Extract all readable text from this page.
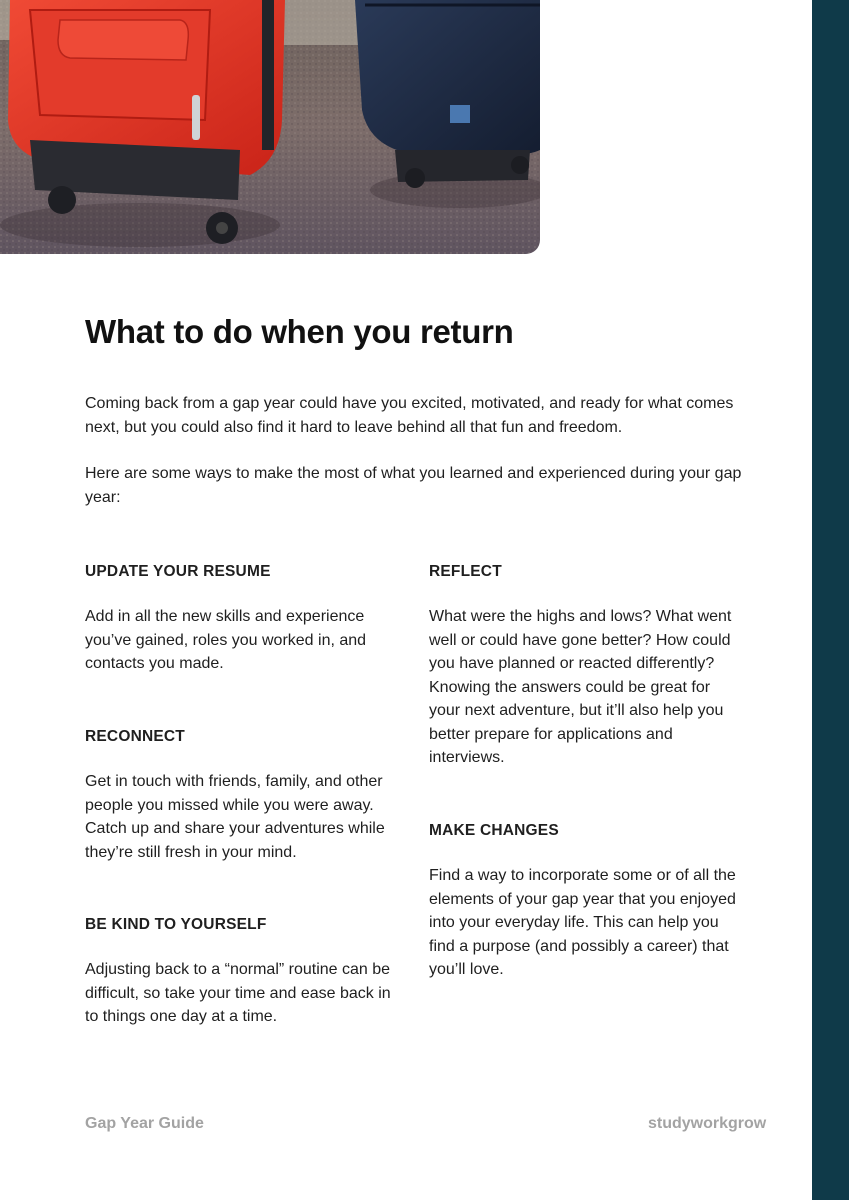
What to do when you return

Coming back from a gap year could have you excited, motivated, and ready for what comes next, but you could also find it hard to leave behind all that fun and freedom.

Here are some ways to make the most of what you learned and experienced during your gap year:

UPDATE YOUR RESUME

Add in all the new skills and experience you’ve gained, roles you worked in, and contacts you made.

RECONNECT

Get in touch with friends, family, and other people you missed while you were away. Catch up and share your adventures while they’re still fresh in your mind.

BE KIND TO YOURSELF

Adjusting back to a “normal” routine can be difficult, so take your time and ease back in to things one day at a time.

REFLECT

What were the highs and lows? What went well or could have gone better? How could you have planned or reacted differently? Knowing the answers could be great for your next adventure, but it’ll also help you better prepare for applications and interviews.

MAKE CHANGES

Find a way to incorporate some or of all the elements of your gap year that you enjoyed into your everyday life. This can help you find a purpose (and possibly a career) that you’ll love.

Gap Year Guide	studyworkgrow
